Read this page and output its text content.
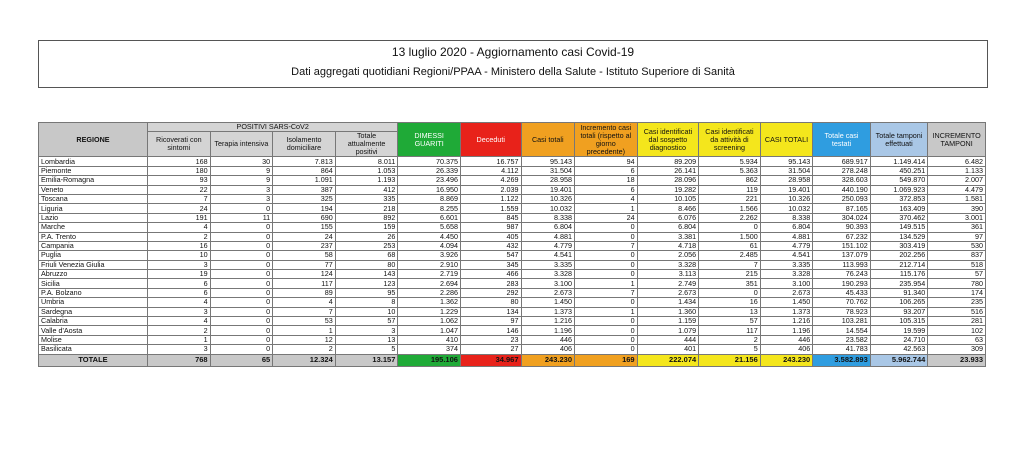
13 luglio 2020 - Aggiornamento casi Covid-19
Dati aggregati quotidiani Regioni/PPAA - Ministero della Salute - Istituto Superiore di Sanità
REGIONE	POSITIVI SARS-CoV2				DIMESSI GUARITI	Deceduti	Casi totali	Incremento casi totali (rispetto al giorno precedente)	Casi identificati dal sospetto diagnostico	Casi identificati da attività di screening	CASI TOTALI	Totale casi testati	Totale tamponi effettuati	INCREMENTO TAMPONI
	Ricoverati con sintomi	Terapia intensiva	Isolamento domiciliare	Totale attualmente positivi										
Lombardia	168	30	7.813	8.011	70.375	16.757	95.143	94	89.209	5.934	95.143	689.917	1.149.414	6.482
Piemonte	180	9	864	1.053	26.339	4.112	31.504	6	26.141	5.363	31.504	278.248	450.251	1.133
Emilia-Romagna	93	9	1.091	1.193	23.496	4.269	28.958	18	28.096	862	28.958	328.603	549.870	2.007
Veneto	22	3	387	412	16.950	2.039	19.401	6	19.282	119	19.401	440.190	1.069.923	4.479
Toscana	7	3	325	335	8.869	1.122	10.326	4	10.105	221	10.326	250.093	372.853	1.581
Liguria	24	0	194	218	8.255	1.559	10.032	1	8.466	1.566	10.032	87.165	163.409	390
Lazio	191	11	690	892	6.601	845	8.338	24	6.076	2.262	8.338	304.024	370.462	3.001
Marche	4	0	155	159	5.658	987	6.804	0	6.804	0	6.804	90.393	149.515	361
P.A. Trento	2	0	24	26	4.450	405	4.881	0	3.381	1.500	4.881	67.232	134.529	97
Campania	16	0	237	253	4.094	432	4.779	7	4.718	61	4.779	151.102	303.419	530
Puglia	10	0	58	68	3.926	547	4.541	0	2.056	2.485	4.541	137.079	202.256	837
Friuli Venezia Giulia	3	0	77	80	2.910	345	3.335	0	3.328	7	3.335	113.993	212.714	518
Abruzzo	19	0	124	143	2.719	466	3.328	0	3.113	215	3.328	76.243	115.176	57
Sicilia	6	0	117	123	2.694	283	3.100	1	2.749	351	3.100	190.293	235.954	780
P.A. Bolzano	6	0	89	95	2.286	292	2.673	7	2.673	0	2.673	45.433	91.340	174
Umbria	4	0	4	8	1.362	80	1.450	0	1.434	16	1.450	70.762	106.265	235
Sardegna	3	0	7	10	1.229	134	1.373	1	1.360	13	1.373	78.923	93.207	516
Calabria	4	0	53	57	1.062	97	1.216	0	1.159	57	1.216	103.281	105.315	281
Valle d'Aosta	2	0	1	3	1.047	146	1.196	0	1.079	117	1.196	14.554	19.599	102
Molise	1	0	12	13	410	23	446	0	444	2	446	23.582	24.710	63
Basilicata	3	0	2	5	374	27	406	0	401	5	406	41.783	42.563	309
TOTALE	768	65	12.324	13.157	195.106	34.967	243.230	169	222.074	21.156	243.230	3.582.893	5.962.744	23.933
